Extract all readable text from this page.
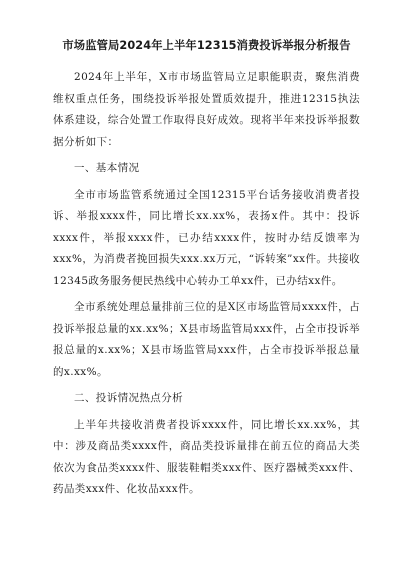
市场监管局2024年上半年12315消费投诉举报分析报告

2024年上半年，X市市场监管局立足职能职责，聚焦消费维权重点任务，围绕投诉举报处置质效提升，推进12315执法体系建设，综合处置工作取得良好成效。现将半年来投诉举报数据分析如下：

一、基本情况

全市市场监管系统通过全国12315平台话务接收消费者投诉、举报xxxx件，同比增长xx.xx%，表扬x件。其中：投诉xxxx件，举报xxxx件，已办结xxxx件，按时办结反馈率为xxx%，为消费者挽回损失xxx.xx万元，“诉转案”xx件。共接收12345政务服务便民热线中心转办工单xx件，已办结xx件。

全市系统处理总量排前三位的是X区市场监管局xxxx件，占投诉举报总量的xx.xx%；X县市场监管局xxx件，占全市投诉举报总量的x.xx%；X县市场监管局xxx件，占全市投诉举报总量的x.xx%。

二、投诉情况热点分析

上半年共接收消费者投诉xxxx件，同比增长xx.xx%，其中：涉及商品类xxxx件，商品类投诉量排在前五位的商品大类依次为食品类xxxx件、服装鞋帽类xxx件、医疗器械类xxx件、药品类xxx件、化妆品xxx件。
